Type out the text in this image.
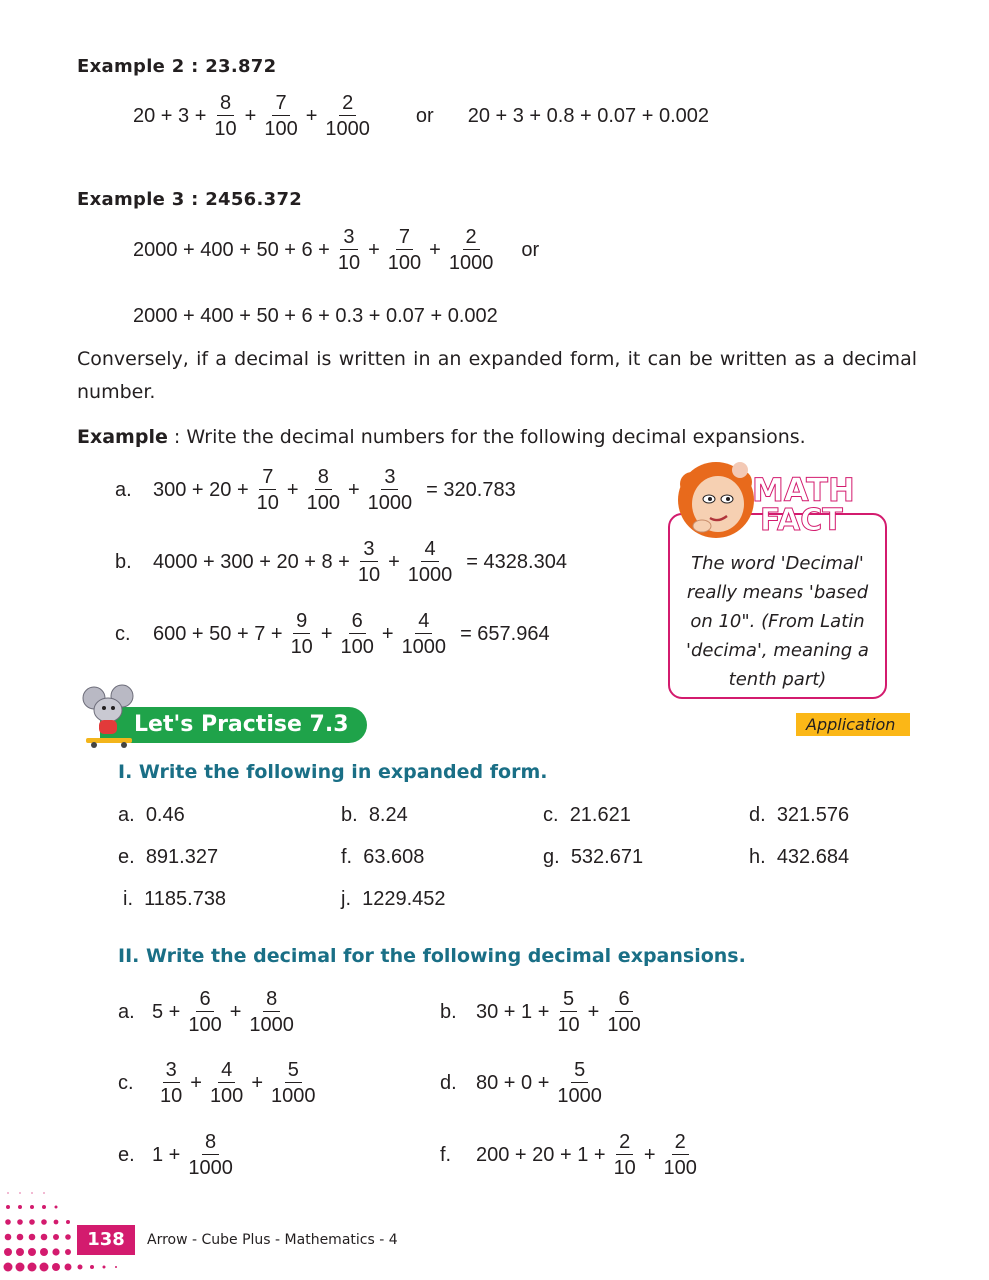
Example 2 : 23.872
$20 + 3 + \frac{8}{10} + \frac{7}{100} + \frac{2}{1000}$ or 20 + 3 + 0.8 + 0.07 + 0.002
Example 3 : 2456.372
$2000 + 400 + 50 + 6 + \frac{3}{10} + \frac{7}{100} + \frac{2}{1000}$ or
2000 + 400 + 50 + 6 + 0.3 + 0.07 + 0.002
Conversely, if a decimal is written in an expanded form, it can be written as a decimal number.
Example : Write the decimal numbers for the following decimal expansions.
a.	$300 + 20 + \frac{7}{10} + \frac{8}{100} + \frac{3}{1000} = 320.783$
b.	$4000 + 300 + 20 + 8 + \frac{3}{10} + \frac{4}{1000} = 4328.304$
c.	$600 + 50 + 7 + \frac{9}{10} + \frac{6}{100} + \frac{4}{1000} = 657.964$
The word 'Decimal'
really means 'based
on 10". (From Latin
'decima', meaning a
tenth part)
MATH
FACT
Let's Practise 7.3	Application
I. Write the following in expanded form.
a. 0.46	b. 8.24	c. 21.621	d. 321.576
e. 891.327	f. 63.608	g. 532.671	h. 432.684
i. 1185.738	j. 1229.452
II. Write the decimal for the following decimal expansions.
a. $5 + \frac{6}{100} + \frac{8}{1000}$	b. $30 + 1 + \frac{5}{10} + \frac{6}{100}$
c.	$\frac{3}{10} + \frac{4}{100} + \frac{5}{1000}$	d. $80 + 0 + \frac{5}{1000}$
e. $1 + \frac{8}{1000}$	f.	$200 + 20 + 1 + \frac{2}{10} + \frac{2}{100}$
138	Arrow - Cube Plus - Mathematics - 4
